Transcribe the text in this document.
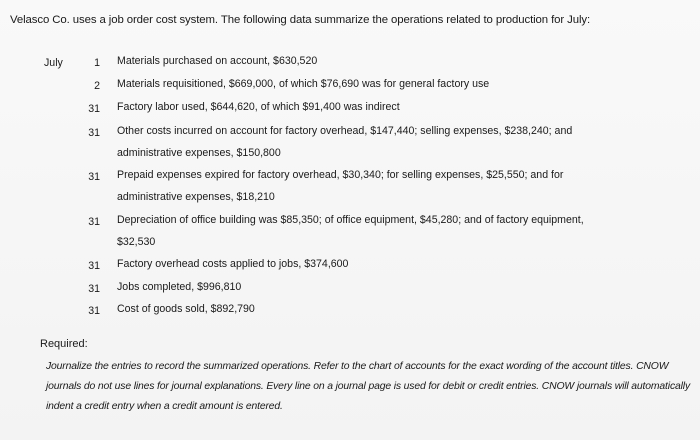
Velasco Co. uses a job order cost system. The following data summarize the operations related to production for July:
July	1 Materials purchased on account, $630,520
2 Materials requisitioned, $669,000, of which $76,690 was for general factory use
31 Factory labor used, $644,620, of which $91,400 was indirect
31 Other costs incurred on account for factory overhead, $147,440; selling expenses, $238,240; and
administrative expenses, $150,800
31 Prepaid expenses expired for factory overhead, $30,340; for selling expenses, $25,550; and for
administrative expenses, $18,210
31 Depreciation of office building was $85,350; of office equipment, $45,280; and of factory equipment,
$32,530
31 Factory overhead costs applied to jobs, $374,600
31 Jobs completed, $996,810
31 Cost of goods sold, $892,790
Required:
Journalize the entries to record the summarized operations. Refer to the chart of accounts for the exact wording of the account titles. CNOW
journals do not use lines for journal explanations. Every line on a journal page is used for debit or credit entries. CNOW journals will automatically
indent a credit entry when a credit amount is entered.
